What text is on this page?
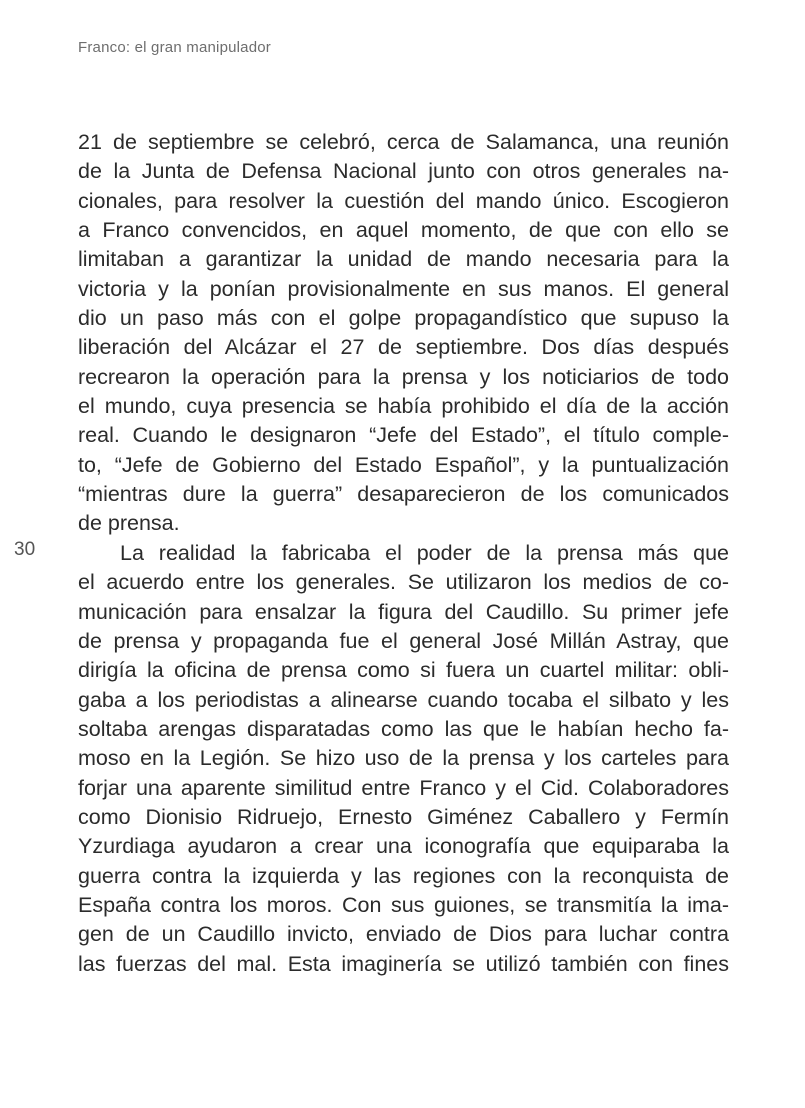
Franco: el gran manipulador
30
21 de septiembre se celebró, cerca de Salamanca, una reunión
de la Junta de Defensa Nacional junto con otros generales na-
cionales, para resolver la cuestión del mando único. Escogieron
a Franco convencidos, en aquel momento, de que con ello se
limitaban a garantizar la unidad de mando necesaria para la
victoria y la ponían provisionalmente en sus manos. El general
dio un paso más con el golpe propagandístico que supuso la
liberación del Alcázar el 27 de septiembre. Dos días después
recrearon la operación para la prensa y los noticiarios de todo
el mundo, cuya presencia se había prohibido el día de la acción
real. Cuando le designaron “Jefe del Estado”, el título comple-
to, “Jefe de Gobierno del Estado Español”, y la puntualización
“mientras dure la guerra” desaparecieron de los comunicados
de prensa.
La realidad la fabricaba el poder de la prensa más que
el acuerdo entre los generales. Se utilizaron los medios de co-
municación para ensalzar la figura del Caudillo. Su primer jefe
de prensa y propaganda fue el general José Millán Astray, que
dirigía la oficina de prensa como si fuera un cuartel militar: obli-
gaba a los periodistas a alinearse cuando tocaba el silbato y les
soltaba arengas disparatadas como las que le habían hecho fa-
moso en la Legión. Se hizo uso de la prensa y los carteles para
forjar una aparente similitud entre Franco y el Cid. Colaboradores
como Dionisio Ridruejo, Ernesto Giménez Caballero y Fermín
Yzurdiaga ayudaron a crear una iconografía que equiparaba la
guerra contra la izquierda y las regiones con la reconquista de
España contra los moros. Con sus guiones, se transmitía la ima-
gen de un Caudillo invicto, enviado de Dios para luchar contra
las fuerzas del mal. Esta imaginería se utilizó también con fines
